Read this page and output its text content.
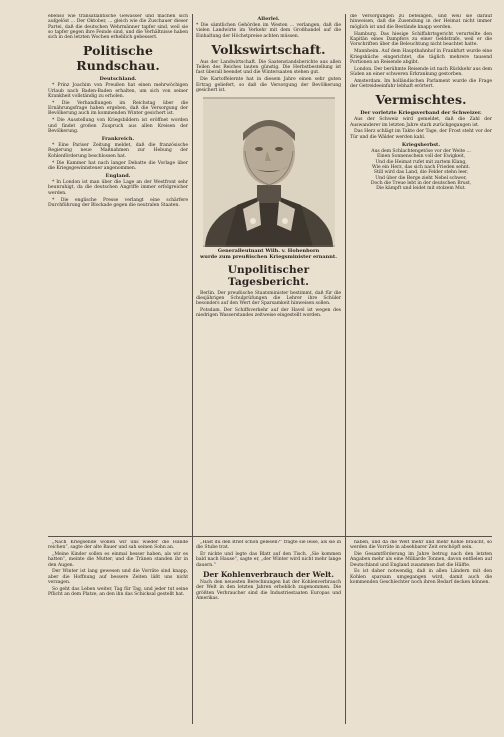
ebenso wie transatlantische Gewässer und machen sich aufgelöst ... Der Oktober, ... gleich wie die Zuschauer dieser Partei, daß die deutschen Wehrmänner tapfer sind, weil sie so tapfer gegen ihre Feinde sind, und die Verhältnisse haben sich in den letzten Wochen erheblich gebessert.
Politische Rundschau.
Deutschland.

* Prinz Joachim von Preußen hat einen mehrwöchigen Urlaub nach Baden-Baden erhalten, um sich von seiner Krankheit vollständig zu erholen.

* Die Verhandlungen im Reichstag über die Ernährungsfrage haben ergeben, daß die Versorgung der Bevölkerung auch im kommenden Winter gesichert ist.

* Die Ausstellung von Kriegsbildern ist eröffnet worden und findet großen Zuspruch aus allen Kreisen der Bevölkerung.

Frankreich.

* Eine Pariser Zeitung meldet, daß die französische Regierung neue Maßnahmen zur Hebung der Kohlenförderung beschlossen hat.

* Die Kammer hat nach langer Debatte die Vorlage über die Kriegsgewinnsteuer angenommen.

England.

* In London ist man über die Lage an der Westfront sehr beunruhigt, da die deutschen Angriffe immer erfolgreicher werden.

* Die englische Presse verlangt eine schärfere Durchführung der Blockade gegen die neutralen Staaten.

Allerlei.
* Die sämtlichen Gehörden im Westen ... verlangen, daß die vielen Landwirte im Verkehr mit dem Großhandel auf die Einhaltung der Höchstpreise achten müssen.
Volkswirtschaft.

Aus der Landwirtschaft. Die Saatenstandsberichte aus allen Teilen des Reiches lauten günstig. Die Herbstbestellung ist fast überall beendet und die Wintersaaten stehen gut.

Die Kartoffelernte hat in diesem Jahre einen sehr guten Ertrag geliefert, so daß die Versorgung der Bevölkerung gesichert ist.

Generalleutnant Wilh. v. Hohenborn
wurde zum preußischen Kriegsminister ernannt.
Unpolitischer Tagesbericht.

Berlin. Der preußische Staatsminister bestimmt, daß für die diesjährigen Schulprüfungen die Lehrer ihre Schüler besonders auf den Wert der Sparsamkeit hinweisen sollen.

Potsdam. Der Schiffsverkehr auf der Havel ist wegen des niedrigen Wasserstandes zeitweise eingestellt worden.

die Versorgungen zu beteiligen, und weil sie darauf hinweisen, daß die Zusendung in der Heimat nicht immer möglich ist und die Bestände knapp werden.

Hamburg. Das hiesige Schiffahrtsgericht verurteilte den Kapitän eines Dampfers zu einer Geldstrafe, weil er die Vorschriften über die Beleuchtung nicht beachtet hatte.

Mannheim. Auf dem Hauptbahnhof in Frankfurt wurde eine Kriegsküche eingerichtet, die täglich mehrere tausend Portionen an Reisende abgibt.

London. Der berühmte Reisende ist nach Rückkehr aus dem Süden an einer schweren Erkrankung gestorben.

Amsterdam. Im holländischen Parlament wurde die Frage der Getreideeinfuhr lebhaft erörtert.

Vermischtes.
Der vorletzte Kriegsverband der Schweizer.

Aus der Schweiz wird gemeldet, daß die Zahl der Auswanderer im letzten Jahre stark zurückgegangen ist.

Das Herz schlägt im Takte der Tage, der Frost steht vor der Tür und die Wälder werden kahl.

Kriegsherbst.
Aus dem Schlachtengetöse vor der Weite ...
Einen Sonnenschein voll der Ewigkeit,
Und die Heimat rufet mit zartem Klang,
Wie ein Herz, das sich nach Frieden sehnt.
Still wird das Land, die Felder stehn leer,
Und über die Berge zieht Nebel schwer,
Doch die Treue lebt in der deutschen Brust,
Die kämpft und leidet mit stolzem Mut.

„Nach Kriegsende wollen wir uns wieder die Hände reichen“, sagte der alte Bauer und sah seinen Sohn an.

„Meine Kinder sollen es einmal besser haben, als wir es hatten“, meinte die Mutter, und die Tränen standen ihr in den Augen.

Der Winter ist lang gewesen und die Vorräte sind knapp, aber die Hoffnung auf bessere Zeiten läßt uns nicht verzagen.

So geht das Leben weiter, Tag für Tag, und jeder tut seine Pflicht an dem Platze, an den ihn das Schicksal gestellt hat.

„Hast du den Brief schon gelesen?“ fragte sie leise, als sie in die Stube trat.

Er nickte und legte das Blatt auf den Tisch. „Sie kommen bald nach Hause“, sagte er, „der Winter wird nicht mehr lange dauern.“

Der Kohlenverbrauch der Welt.

Nach den neuesten Berechnungen hat der Kohlenverbrauch der Welt in den letzten Jahren erheblich zugenommen. Die größten Verbraucher sind die Industriestaaten Europas und Amerikas.

haben, und da die Welt mehr und mehr Kohle braucht, so werden die Vorräte in absehbarer Zeit erschöpft sein.

Die Gesamtförderung im Jahre betrug nach den letzten Angaben mehr als eine Milliarde Tonnen, davon entfielen auf Deutschland und England zusammen fast die Hälfte.

Es ist daher notwendig, daß in allen Ländern mit den Kohlen sparsam umgegangen wird, damit auch die kommenden Geschlechter noch ihren Bedarf decken können.
